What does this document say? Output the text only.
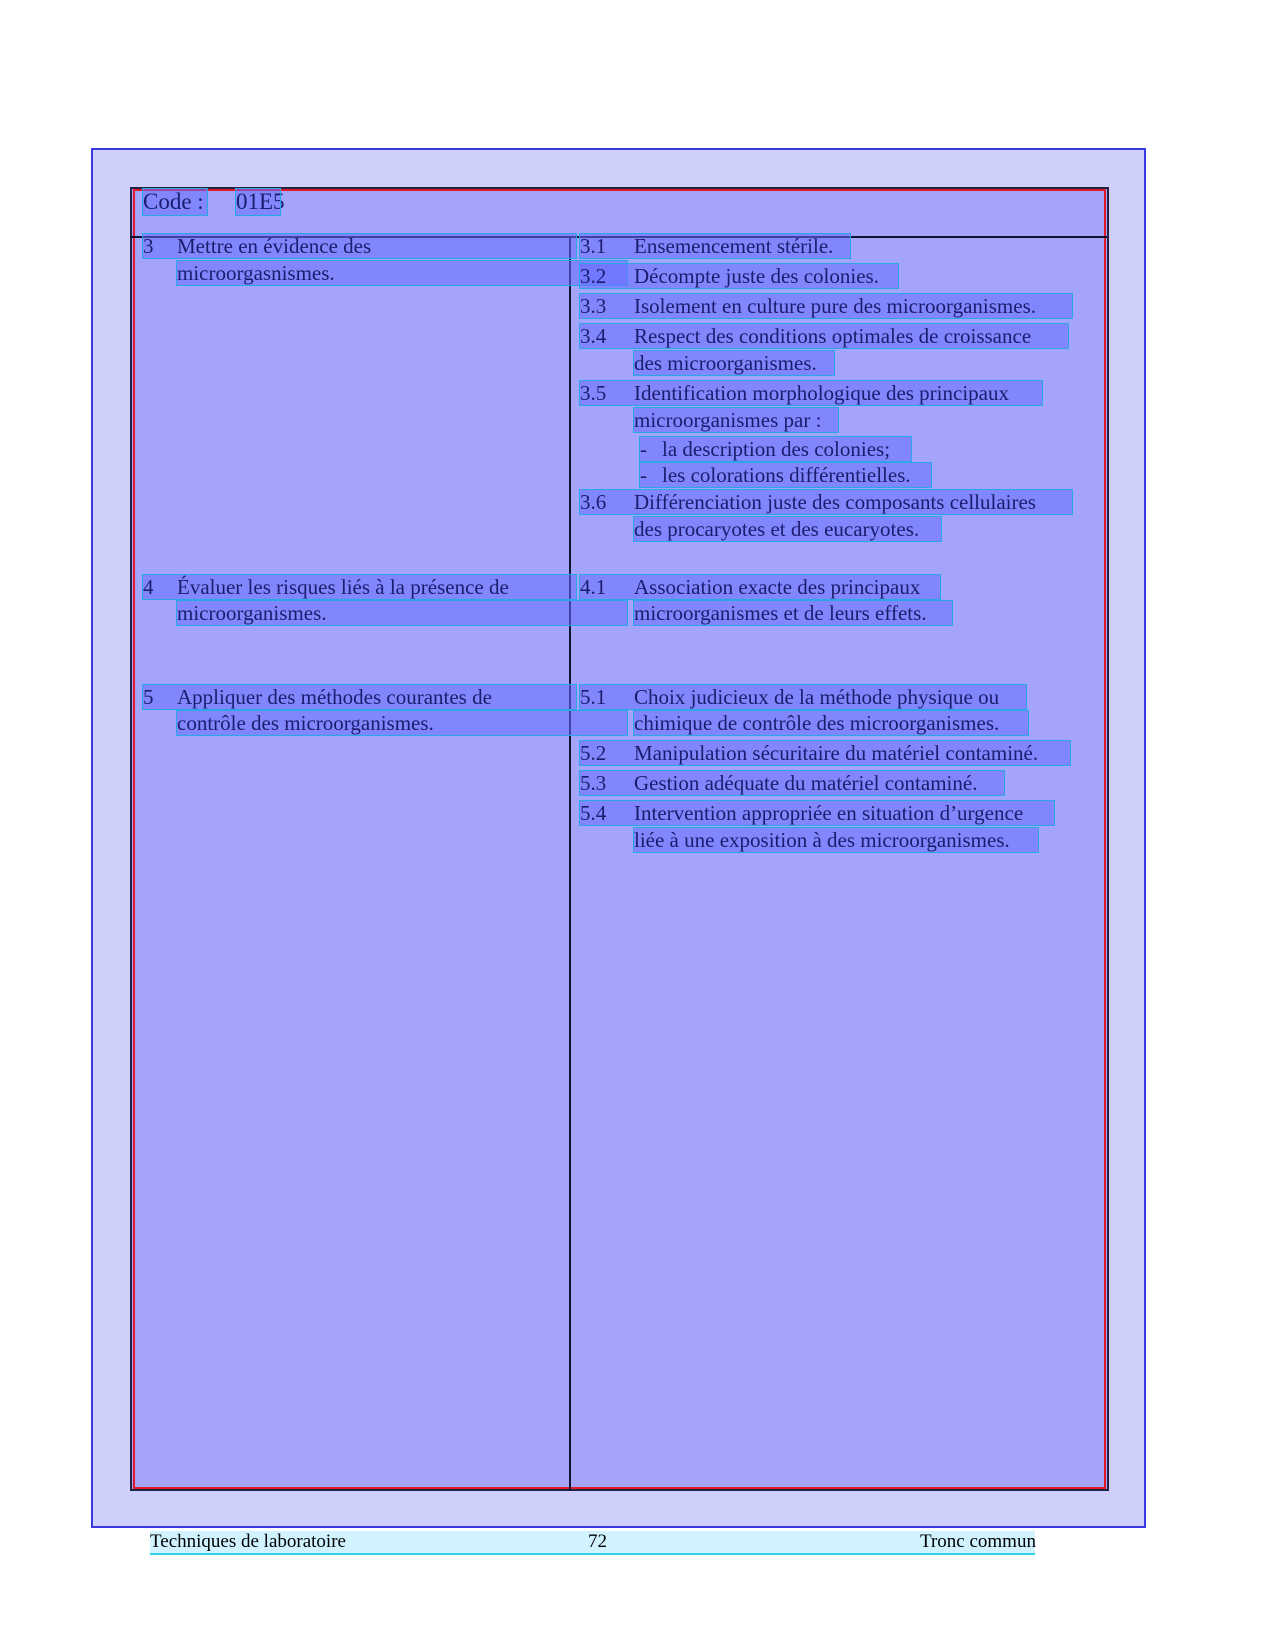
Code : 01E5
3 Mettre en évidence des
microorgasnismes.
3.1 Ensemencement stérile.
3.2 Décompte juste des colonies.
3.3 Isolement en culture pure des microorganismes.
3.4 Respect des conditions optimales de croissance
des microorganismes.
3.5 Identification morphologique des principaux
microorganismes par :
- la description des colonies;
- les colorations différentielles.
3.6 Différenciation juste des composants cellulaires
des procaryotes et des eucaryotes.
4 Évaluer les risques liés à la présence de
microorganismes.
4.1 Association exacte des principaux
microorganismes et de leurs effets.
5 Appliquer des méthodes courantes de
contrôle des microorganismes.
5.1 Choix judicieux de la méthode physique ou
chimique de contrôle des microorganismes.
5.2 Manipulation sécuritaire du matériel contaminé.
5.3 Gestion adéquate du matériel contaminé.
5.4 Intervention appropriée en situation d’urgence
liée à une exposition à des microorganismes.
Techniques de laboratoire	72	Tronc commun
